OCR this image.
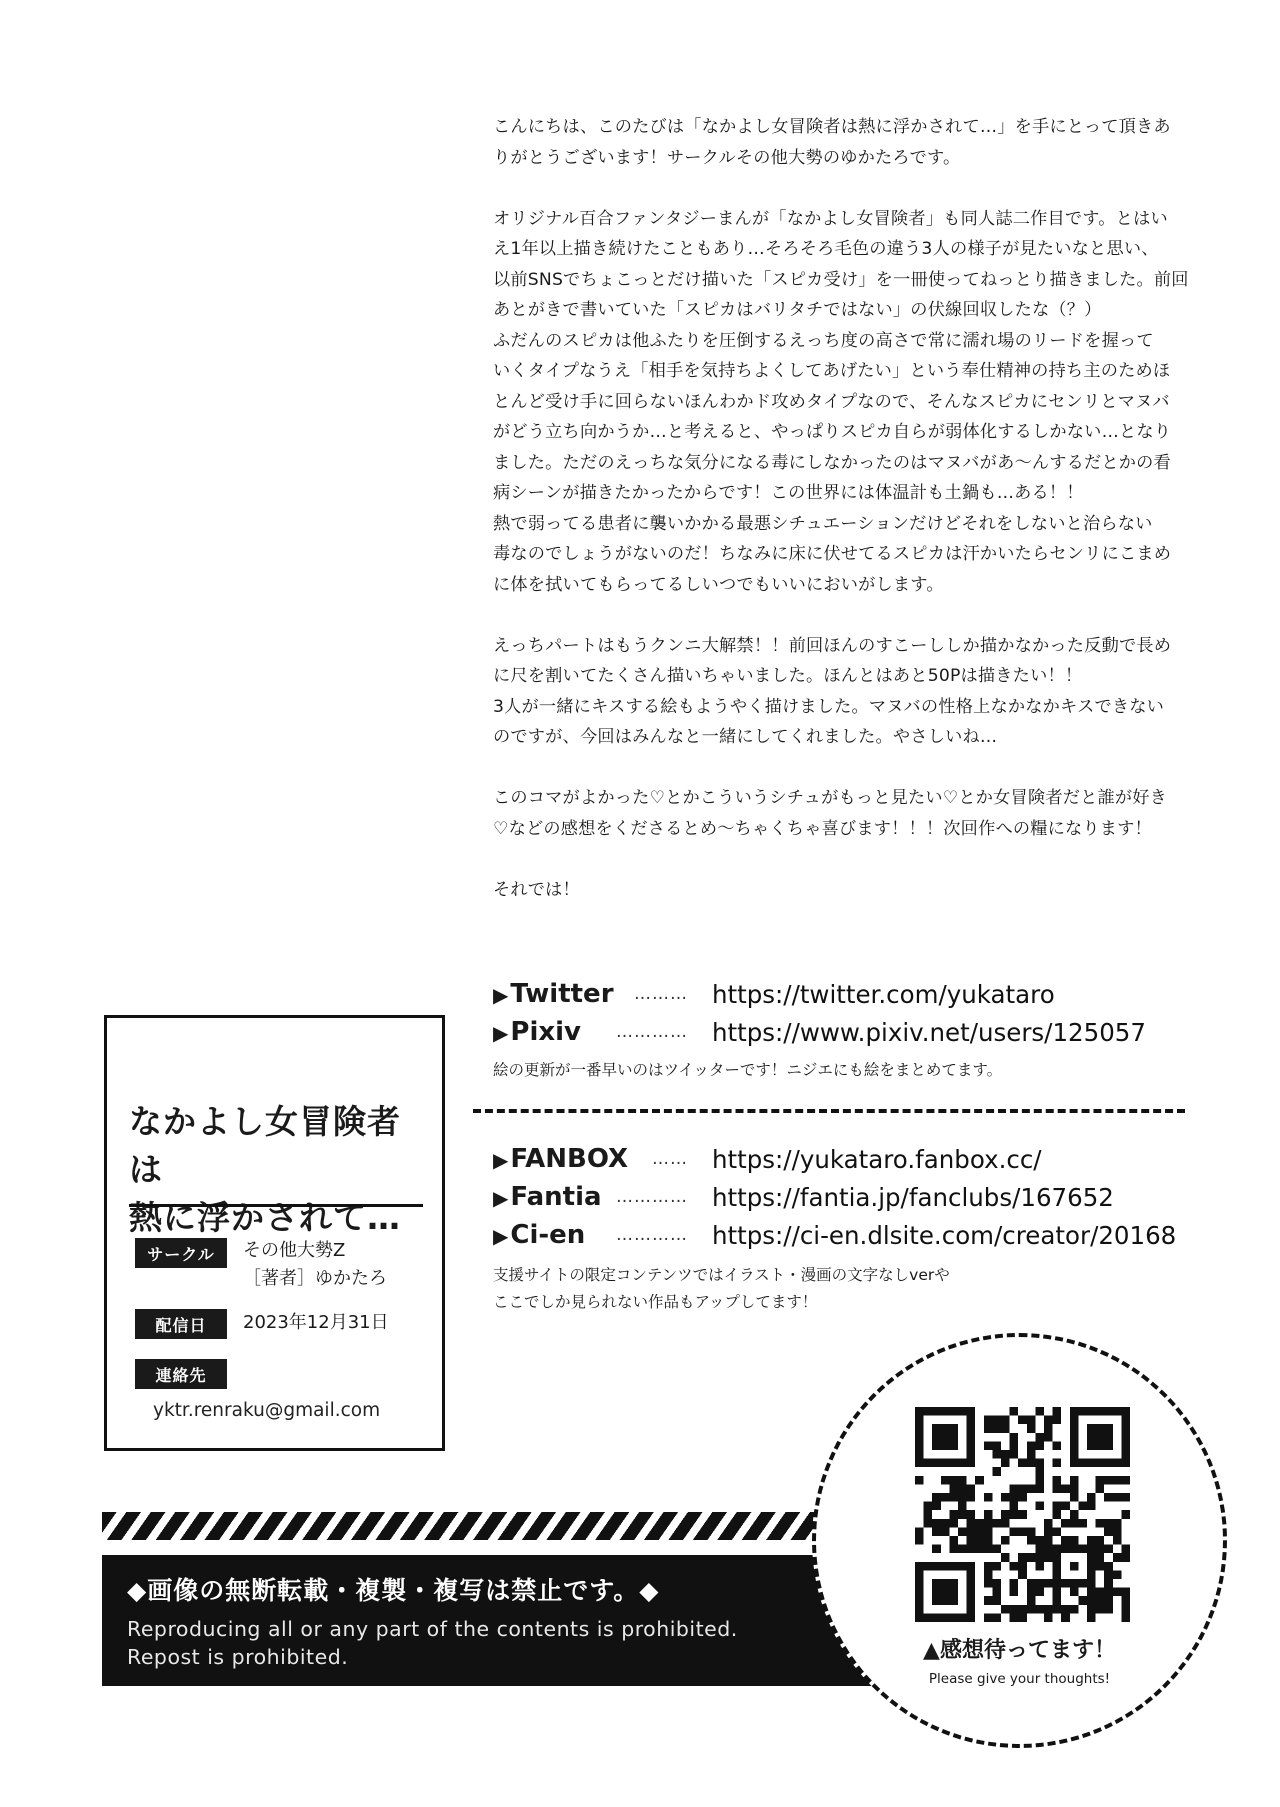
こんにちは、このたびは「なかよし女冒険者は熱に浮かされて…」を手にとって頂きあ
りがとうございます！サークルその他大勢のゆかたろです。

オリジナル百合ファンタジーまんが「なかよし女冒険者」も同人誌二作目です。とはい
え1年以上描き続けたこともあり…そろそろ毛色の違う3人の様子が見たいなと思い、
以前SNSでちょこっとだけ描いた「スピカ受け」を一冊使ってねっとり描きました。前回
あとがきで書いていた「スピカはバリタチではない」の伏線回収したな（？）
ふだんのスピカは他ふたりを圧倒するえっち度の高さで常に濡れ場のリードを握って
いくタイプなうえ「相手を気持ちよくしてあげたい」という奉仕精神の持ち主のためほ
とんど受け手に回らないほんわかド攻めタイプなので、そんなスピカにセンリとマヌバ
がどう立ち向かうか…と考えると、やっぱりスピカ自らが弱体化するしかない…となり
ました。ただのえっちな気分になる毒にしなかったのはマヌバがあ〜んするだとかの看
病シーンが描きたかったからです！この世界には体温計も土鍋も…ある！！
熱で弱ってる患者に襲いかかる最悪シチュエーションだけどそれをしないと治らない
毒なのでしょうがないのだ！ちなみに床に伏せてるスピカは汗かいたらセンリにこまめ
に体を拭いてもらってるしいつでもいいにおいがします。

えっちパートはもうクンニ大解禁！！前回ほんのすこーししか描かなかった反動で長め
に尺を割いてたくさん描いちゃいました。ほんとはあと50Pは描きたい！！
3人が一緒にキスする絵もようやく描けました。マヌバの性格上なかなかキスできない
のですが、今回はみんなと一緒にしてくれました。やさしいね…

このコマがよかった♡とかこういうシチュがもっと見たい♡とか女冒険者だと誰が好き
♡などの感想をくださるとめ〜ちゃくちゃ喜びます！！！次回作への糧になります！

それでは！

▶Twitter	……… https://twitter.com/yukataro
▶Pixiv	………… https://www.pixiv.net/users/125057
絵の更新が一番早いのはツイッターです！ニジエにも絵をまとめてます。
▶FANBOX	…… https://yukataro.fanbox.cc/
▶Fantia ………… https://fantia.jp/fanclubs/167652
▶Ci-en	………… https://ci-en.dlsite.com/creator/20168
支援サイトの限定コンテンツではイラスト・漫画の文字なしverや
ここでしか見られない作品もアップしてます！
なかよし女冒険者は
熱に浮かされて…
サークル	その他大勢Z
［著者］ゆかたろ
配信日	2023年12月31日
連絡先
yktr.renraku@gmail.com
◆画像の無断転載・複製・複写は禁止です。◆
Reproducing all or any part of the contents is prohibited.
Repost is prohibited.	▲感想待ってます！
Please give your thoughts!
